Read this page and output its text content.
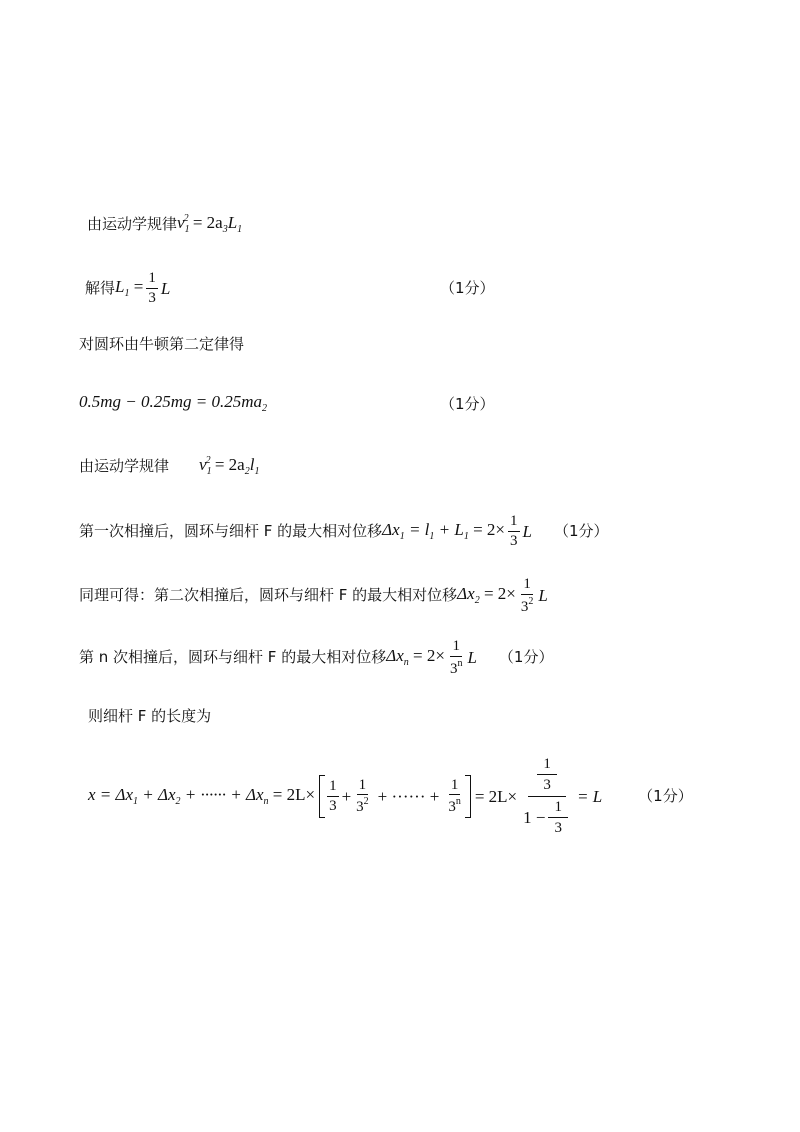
由运动学规律 $v_1^2 = 2a_3L_1$
解得 $L_1 = \frac{1}{3}$ L	（1分）
对圆环由牛顿第二定律得
$0.5mg - 0.25mg = 0.25ma_2$	（1分）
由运动学规律 $v_1^2 = 2a_2l_1$
第一次相撞后，圆环与细杆 F 的最大相对位移 $\Delta x_1 = l_1 + L_1 = 2\times \frac{1}{3}$ L （1分）
同理可得：第二次相撞后，圆环与细杆 F 的最大相对位移 $\Delta x_2 = 2\times \frac{1}{3^2}$ L
第 n 次相撞后，圆环与细杆 F 的最大相对位移 $\Delta x_n = 2\times \frac{1}{3^n}$ L （1分）
则细杆 F 的长度为
$x = \Delta x_1 + \Delta x_2$ + ······ + $\Delta x_n = 2L\times \frac{1}{3} + \frac{1}{3^2}$ + ······ + $\frac{1}{3^n} = 2L\times \frac{\frac{1}{3}}{1 - \frac{1}{3}} = L$ （1分）
